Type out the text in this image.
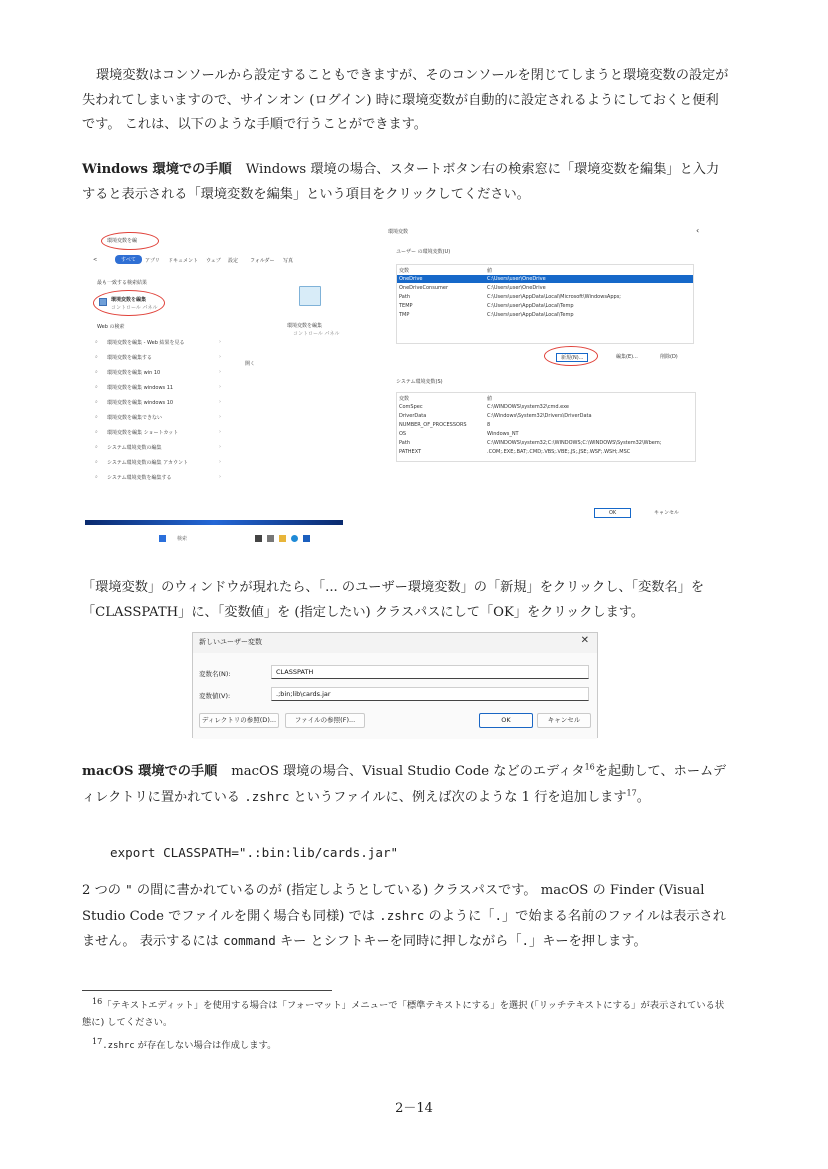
環境変数はコンソールから設定することもできますが、そのコンソールを閉じてしまうと環境変数の設定が失われてしまいますので、サインオン (ログイン) 時に環境変数が自動的に設定されるようにしておくと便利です。 これは、以下のような手順で行うことができます。
Windows 環境での手順 Windows 環境の場合、スタートボタン右の検索窓に「環境変数を編集」と入力すると表示される「環境変数を編集」という項目をクリックしてください。
環境変数を編
<	すべて	アプリ ドキュメント ウェブ 設定 フォルダー 写真
最も一致する検索結果
環境変数を編集
コントロール パネル
Web の検索
⌕ 環境変数を編集 - Web 結果を見る	›
⌕ 環境変数を編集する	›
⌕ 環境変数を編集 win 10	›
⌕ 環境変数を編集 windows 11	›
⌕ 環境変数を編集 windows 10	›
⌕ 環境変数を編集できない	›
⌕ 環境変数を編集 ショートカット	›
⌕ システム環境変数の編集	›
⌕ システム環境変数の編集 アカウント	›
⌕ システム環境変数を編集する	›
環境変数を編集
コントロール パネル
開く
検索
環境変数	‹
ユーザー の環境変数(U)
変数	値
OneDrive	C:\Users\user\OneDrive
OneDriveConsumer	C:\Users\user\OneDrive
Path	C:\Users\user\AppData\Local\Microsoft\WindowsApps;
TEMP	C:\Users\user\AppData\Local\Temp
TMP	C:\Users\user\AppData\Local\Temp
新規(N)...	編集(E)...	削除(D)
システム環境変数(S)
変数	値
ComSpec	C:\WINDOWS\system32\cmd.exe
DriverData	C:\Windows\System32\Drivers\DriverData
NUMBER_OF_PROCESSORS	8
OS	Windows_NT
Path	C:\WINDOWS\system32;C:\WINDOWS;C:\WINDOWS\System32\Wbem;
PATHEXT	.COM;.EXE;.BAT;.CMD;.VBS;.VBE;.JS;.JSE;.WSF;.WSH;.MSC
OK	キャンセル
「環境変数」のウィンドウが現れたら、「... のユーザー環境変数」の「新規」をクリックし、「変数名」を「CLASSPATH」に、「変数値」を (指定したい) クラスパスにして「OK」をクリックします。
新しいユーザー変数	✕
変数名(N):	CLASSPATH
変数値(V):	.;bin;lib\cards.jar
ディレクトリの参照(D)...	ファイルの参照(F)...	OK	キャンセル
macOS 環境での手順 macOS 環境の場合、Visual Studio Code などのエディタ$^{16}$を起動して、ホームディレクトリに置かれている .zshrc というファイルに、例えば次のような 1 行を追加します$^{17}$。
export CLASSPATH=".:bin:lib/cards.jar"
2 つの " の間に書かれているのが (指定しようとしている) クラスパスです。 macOS の Finder (Visual Studio Code でファイルを開く場合も同様) では .zshrc のように「.」で始まる名前のファイルは表示されません。 表示するには command キー とシフトキーを同時に押しながら「.」キーを押します。
$^{16}$「テキストエディット」を使用する場合は「フォーマット」メニューで「標準テキストにする」を選択 (「リッチテキストにする」が表示されている状態に) してください。
$^{17}$.zshrc が存在しない場合は作成します。
2－14
